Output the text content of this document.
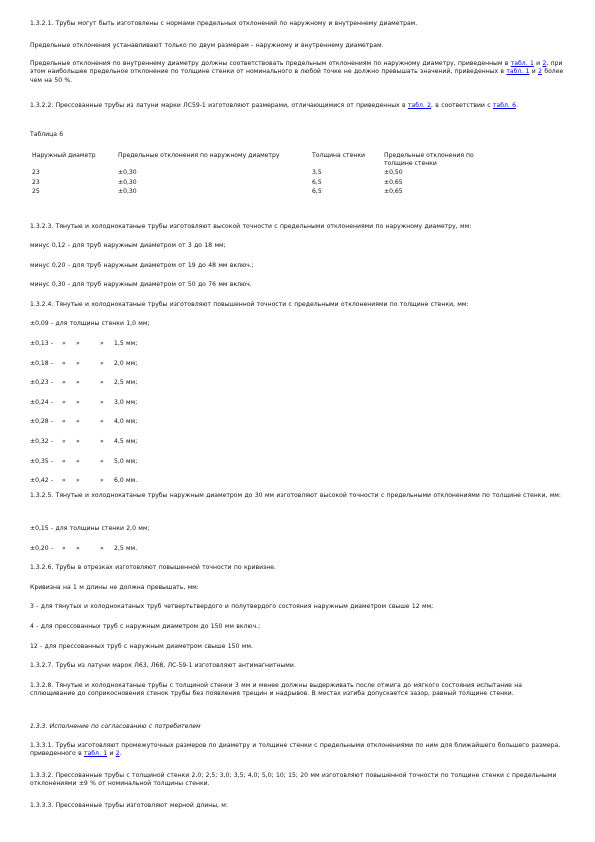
1.3.2.1. Трубы могут быть изготовлены с нормами предельных отклонений по наружному и внутреннему диаметрам.

Предельные отклонения устанавливают только по двум размерам - наружному и внутреннему диаметрам.

Предельные отклонения по внутреннему диаметру должны соответствовать предельным отклонениям по наружному диаметру, приведенным в табл. 1 и 2, при этом наибольшее предельное отклонение по толщине стенки от номинального в любой точке не должно превышать значений, приведенных в табл. 1 и 2 более чем на 50 %.

1.3.2.2. Прессованные трубы из латуни марки ЛС59-1 изготовляют размерами, отличающимися от приведенных в табл. 2, в соответствии с табл. 6.

Таблица 6

Наружный диаметр	Предельные отклонения по наружному диаметру	Толщина стенки	Предельные отклонения по толщине стенки
23	±0,30	3,5	±0,50
23	±0,30	6,5	±0,65
25	±0,30	6,5	±0,65

1.3.2.3. Тянутые и холоднокатаные трубы изготовляют высокой точности с предельными отклонениями по наружному диаметру, мм:

минус 0,12 - для труб наружным диаметром от 3 до 18 мм;

минус 0,20 - для труб наружным диаметром от 19 до 48 мм включ.;

минус 0,30 - для труб наружным диаметром от 50 до 76 мм включ.

1.3.2.4. Тянутые и холоднокатаные трубы изготовляют повышенной точности с предельными отклонениями по толщине стенки, мм:

±0,09 - для толщины стенки 1,0 мм;

±0,13 - » »	» 1,5 мм;

±0,18 - » »	» 2,0 мм;

±0,23 - » »	» 2,5 мм;

±0,24 - » »	» 3,0 мм;

±0,28 - » »	» 4,0 мм;

±0,32 - » »	» 4,5 мм;

±0,35 - » »	» 5,0 мм;

±0,42 - » »	» 6,0 мм.

1.3.2.5. Тянутые и холоднокатаные трубы наружным диаметром до 30 мм изготовляют высокой точности с предельными отклонениями по толщине стенки, мм:

±0,15 - для толщины стенки 2,0 мм;

±0,20 - » »	» 2,5 мм.

1.3.2.6. Трубы в отрезках изготовляют повышенной точности по кривизне.

Кривизна на 1 м длины не должна превышать, мм:

3 - для тянутых и холоднокатаных труб четвертьтвердого и полутвердого состояния наружным диаметром свыше 12 мм;

4 - для прессованных труб с наружным диаметром до 150 мм включ.;

12 - для прессованных труб с наружным диаметром свыше 150 мм.

1.3.2.7. Трубы из латуни марок Л63, Л68, ЛС-59-1 изготовляют антимагнитными.

1.3.2.8. Тянутые и холоднокатаные трубы с толщиной стенки 3 мм и менее должны выдерживать после отжига до мягкого состояния испытание на сплющивание до соприкосновения стенок трубы без появления трещин и надрывов. В местах изгиба допускается зазор, равный толщине стенки.

1.3.3. Исполнение по согласованию с потребителем

1.3.3.1. Трубы изготовляют промежуточных размеров по диаметру и толщине стенки с предельными отклонениями по ним для ближайшего большего размера, приведенного в табл. 1 и 2.

1.3.3.2. Прессованные трубы с толщиной стенки 2,0; 2,5; 3,0; 3,5; 4,0; 5,0; 10; 15; 20 мм изготовляют повышенной точности по толщине стенки с предельными отклонениями ±9 % от номинальной толщины стенки.

1.3.3.3. Прессованные трубы изготовляют мерной длины, м:
